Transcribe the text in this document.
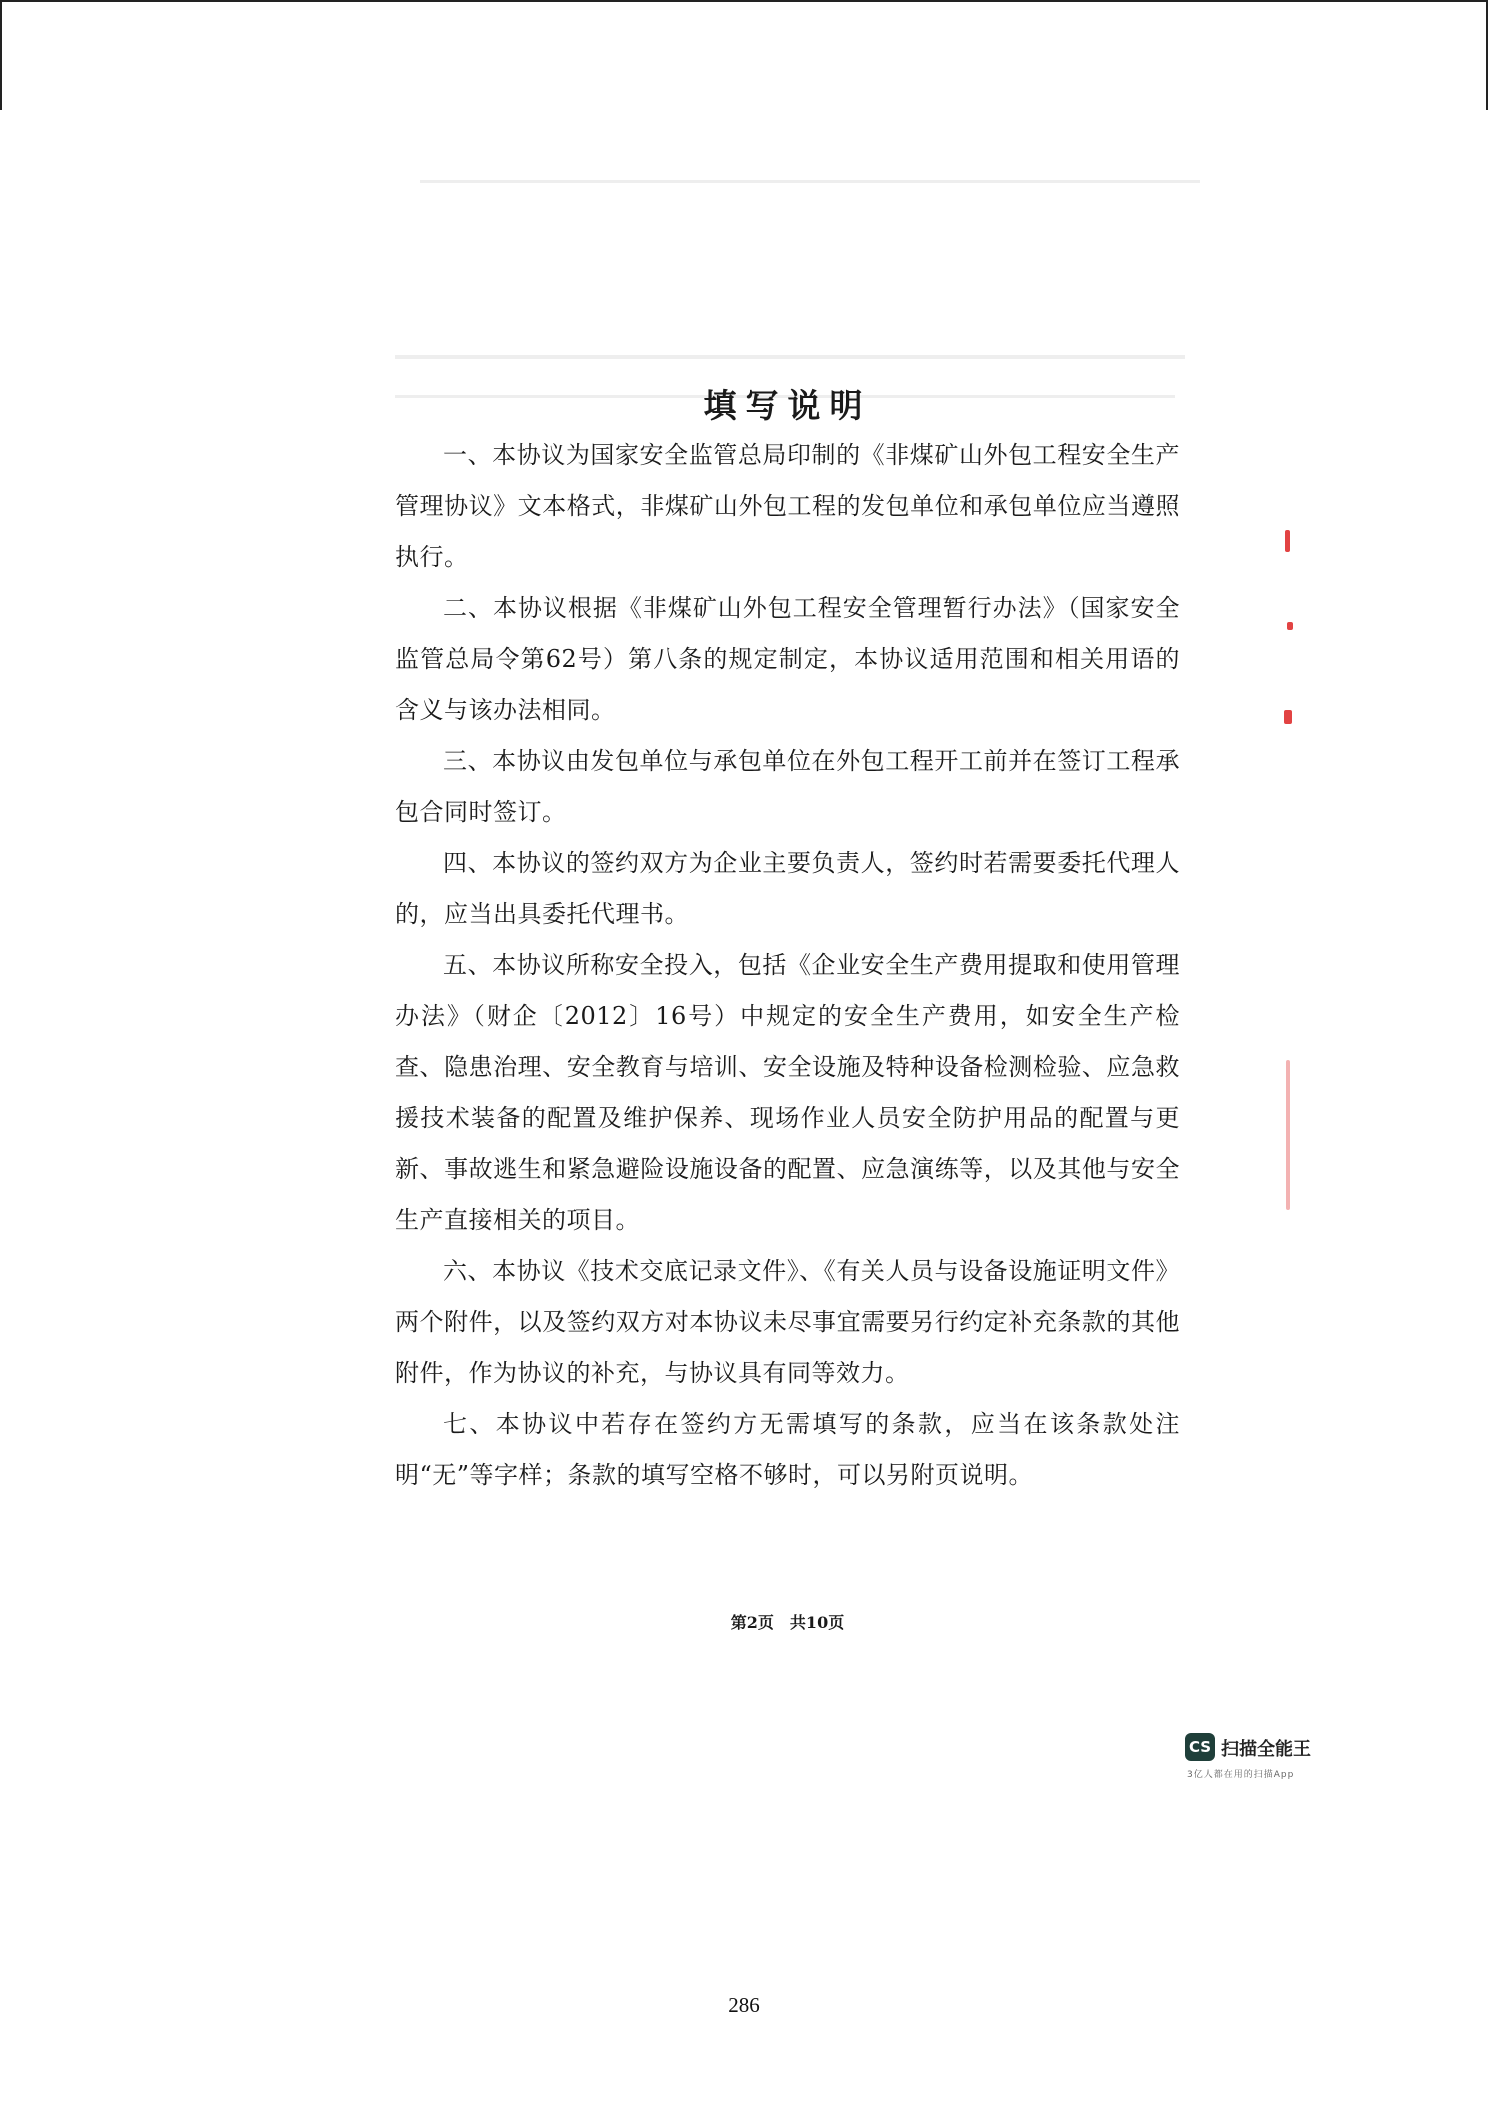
填写说明

一、本协议为国家安全监管总局印制的《非煤矿山外包工程安全生产管理协议》文本格式，非煤矿山外包工程的发包单位和承包单位应当遵照执行。

二、本协议根据《非煤矿山外包工程安全管理暂行办法》（国家安全监管总局令第62号）第八条的规定制定，本协议适用范围和相关用语的含义与该办法相同。

三、本协议由发包单位与承包单位在外包工程开工前并在签订工程承包合同时签订。

四、本协议的签约双方为企业主要负责人，签约时若需要委托代理人的，应当出具委托代理书。

五、本协议所称安全投入，包括《企业安全生产费用提取和使用管理办法》（财企〔2012〕16号）中规定的安全生产费用，如安全生产检查、隐患治理、安全教育与培训、安全设施及特种设备检测检验、应急救援技术装备的配置及维护保养、现场作业人员安全防护用品的配置与更新、事故逃生和紧急避险设施设备的配置、应急演练等，以及其他与安全生产直接相关的项目。

六、本协议《技术交底记录文件》、《有关人员与设备设施证明文件》两个附件，以及签约双方对本协议未尽事宜需要另行约定补充条款的其他附件，作为协议的补充，与协议具有同等效力。

七、本协议中若存在签约方无需填写的条款，应当在该条款处注明“无”等字样；条款的填写空格不够时，可以另附页说明。

第2页　共10页
CS 扫描全能王
3亿人都在用的扫描App
286
